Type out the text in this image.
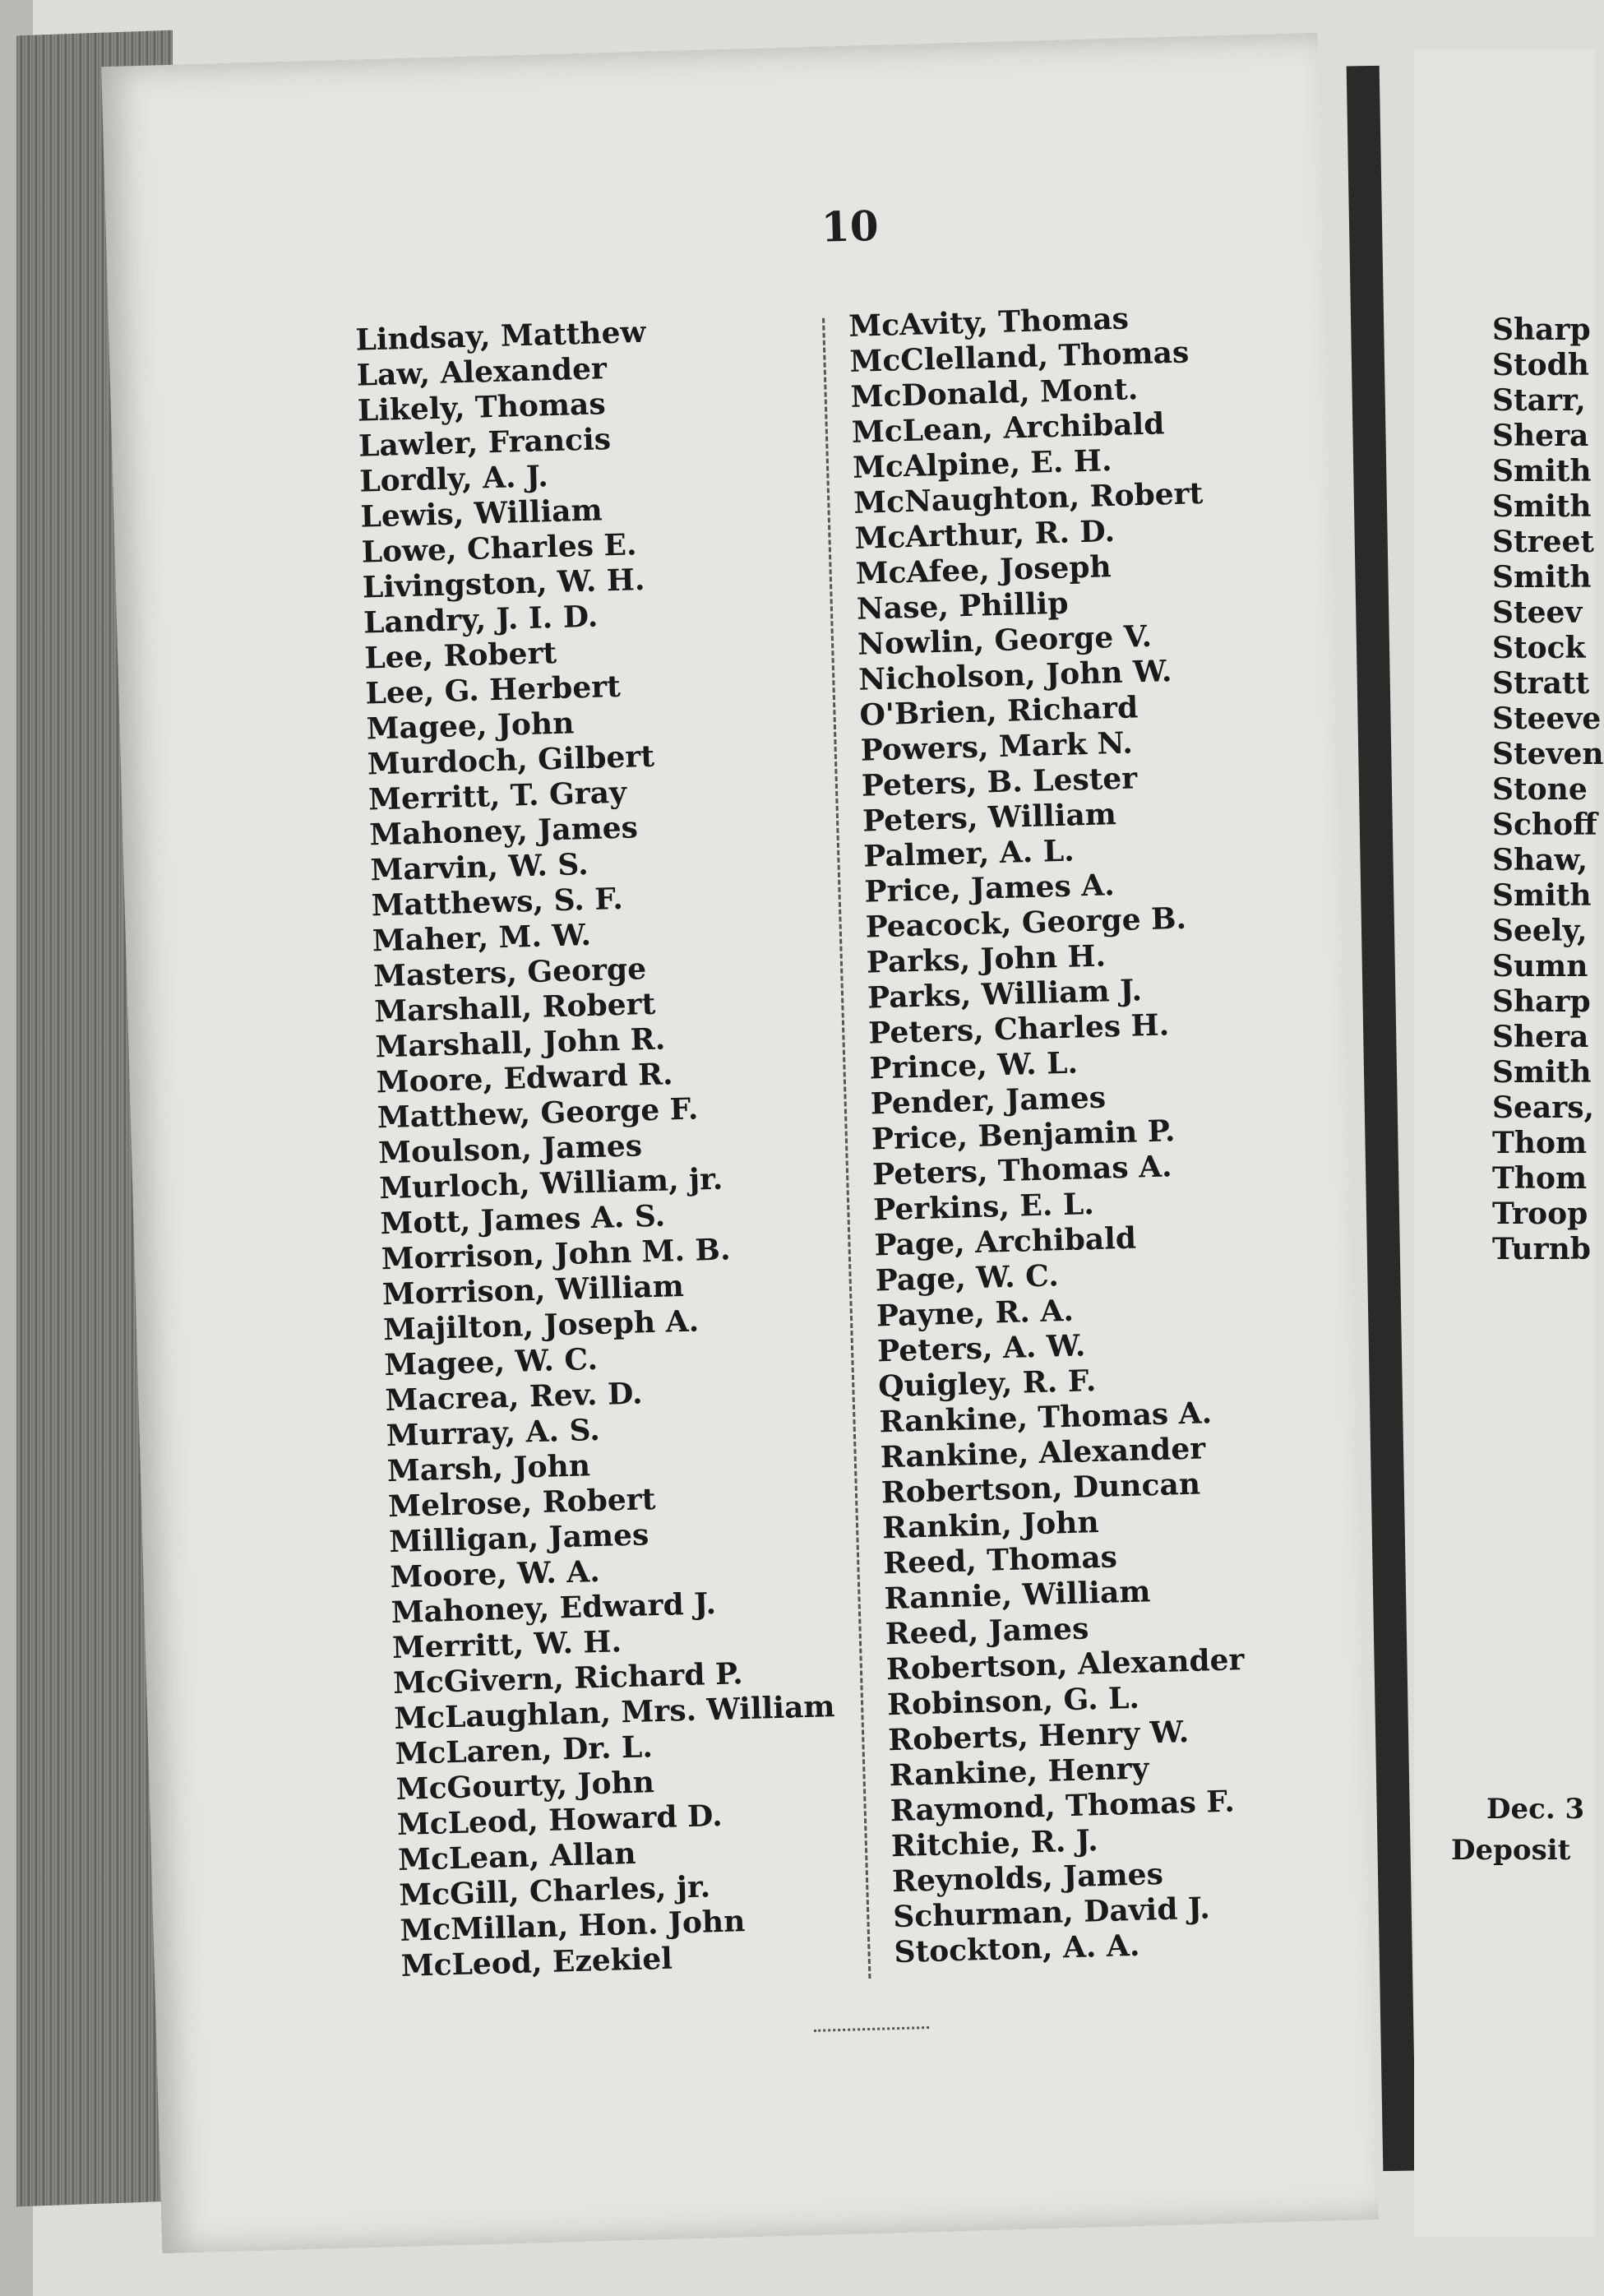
10
Lindsay, Matthew
Law, Alexander
Likely, Thomas
Lawler, Francis
Lordly, A. J.
Lewis, William
Lowe, Charles E.
Livingston, W. H.
Landry, J. I. D.
Lee, Robert
Lee, G. Herbert
Magee, John
Murdoch, Gilbert
Merritt, T. Gray
Mahoney, James
Marvin, W. S.
Matthews, S. F.
Maher, M. W.
Masters, George
Marshall, Robert
Marshall, John R.
Moore, Edward R.
Matthew, George F.
Moulson, James
Murloch, William, jr.
Mott, James A. S.
Morrison, John M. B.
Morrison, William
Majilton, Joseph A.
Magee, W. C.
Macrea, Rev. D.
Murray, A. S.
Marsh, John
Melrose, Robert
Milligan, James
Moore, W. A.
Mahoney, Edward J.
Merritt, W. H.
McGivern, Richard P.
McLaughlan, Mrs. William
McLaren, Dr. L.
McGourty, John
McLeod, Howard D.
McLean, Allan
McGill, Charles, jr.
McMillan, Hon. John
McLeod, Ezekiel
McAvity, Thomas
McClelland, Thomas
McDonald, Mont.
McLean, Archibald
McAlpine, E. H.
McNaughton, Robert
McArthur, R. D.
McAfee, Joseph
Nase, Phillip
Nowlin, George V.
Nicholson, John W.
O'Brien, Richard
Powers, Mark N.
Peters, B. Lester
Peters, William
Palmer, A. L.
Price, James A.
Peacock, George B.
Parks, John H.
Parks, William J.
Peters, Charles H.
Prince, W. L.
Pender, James
Price, Benjamin P.
Peters, Thomas A.
Perkins, E. L.
Page, Archibald
Page, W. C.
Payne, R. A.
Peters, A. W.
Quigley, R. F.
Rankine, Thomas A.
Rankine, Alexander
Robertson, Duncan
Rankin, John
Reed, Thomas
Rannie, William
Reed, James
Robertson, Alexander
Robinson, G. L.
Roberts, Henry W.
Rankine, Henry
Raymond, Thomas F.
Ritchie, R. J.
Reynolds, James
Schurman, David J.
Stockton, A. A.
Sharp
Stodh
Starr,
Shera
Smith
Smith
Street
Smith
Steev
Stock
Stratt
Steeve
Steven
Stone
Schoff
Shaw,
Smith
Seely,
Sumn
Sharp
Shera
Smith
Sears,
Thom
Thom
Troop
Turnb
Dec. 3
Deposit
